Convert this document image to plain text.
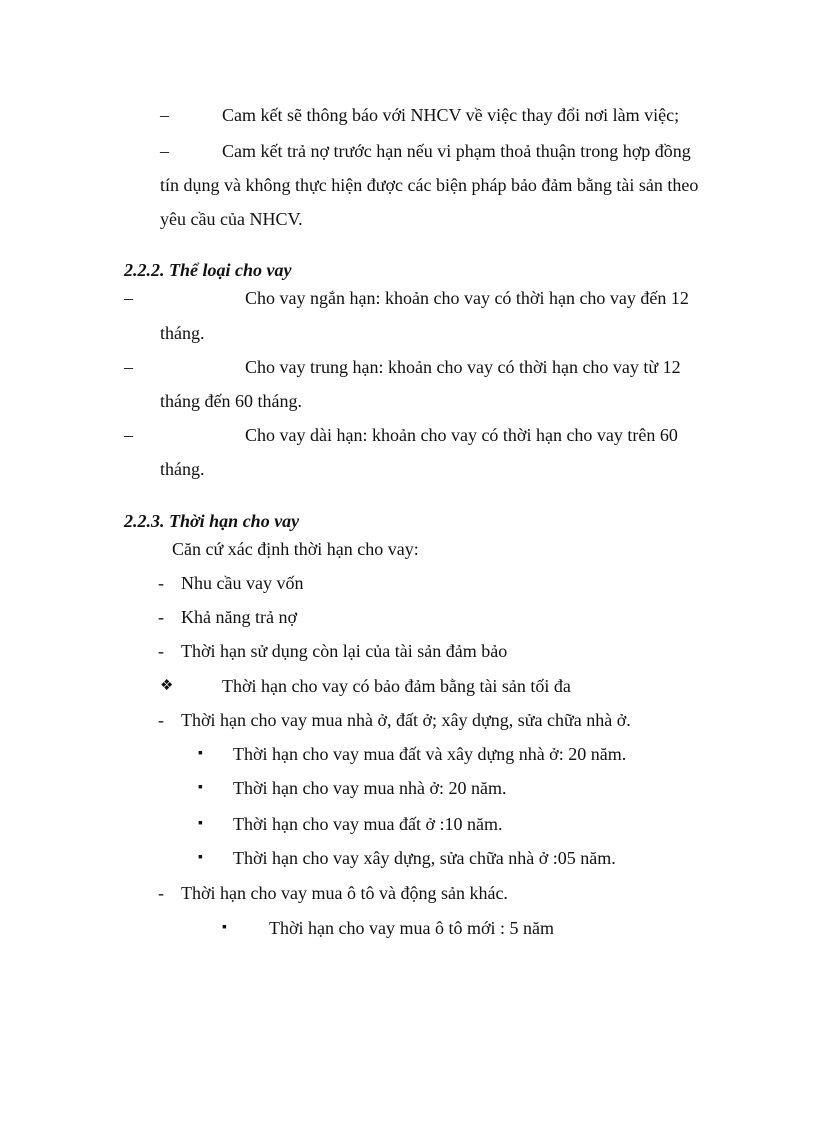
–	Cam kết sẽ thông báo với NHCV về việc thay đổi nơi làm việc;
–	Cam kết trả nợ trước hạn nếu vi phạm thoả thuận trong hợp đồng
tín dụng và không thực hiện được các biện pháp bảo đảm bằng tài sản theo
yêu cầu của NHCV.
2.2.2. Thể loại cho vay
–	Cho vay ngắn hạn: khoản cho vay có thời hạn cho vay đến 12
tháng.
–	Cho vay trung hạn: khoản cho vay có thời hạn cho vay từ 12
tháng đến 60 tháng.
–	Cho vay dài hạn: khoản cho vay có thời hạn cho vay trên 60
tháng.
2.2.3. Thời hạn cho vay
Căn cứ xác định thời hạn cho vay:
- Nhu cầu vay vốn
- Khả năng trả nợ
- Thời hạn sử dụng còn lại của tài sản đảm bảo
❖	Thời hạn cho vay có bảo đảm bằng tài sản tối đa
- Thời hạn cho vay mua nhà ở, đất ở; xây dựng, sửa chữa nhà ở.
▪ Thời hạn cho vay mua đất và xây dựng nhà ở: 20 năm.
▪ Thời hạn cho vay mua nhà ở: 20 năm.
▪ Thời hạn cho vay mua đất ở :10 năm.
▪ Thời hạn cho vay xây dựng, sửa chữa nhà ở :05 năm.
- Thời hạn cho vay mua ô tô và động sản khác.
▪ Thời hạn cho vay mua ô tô mới : 5 năm
